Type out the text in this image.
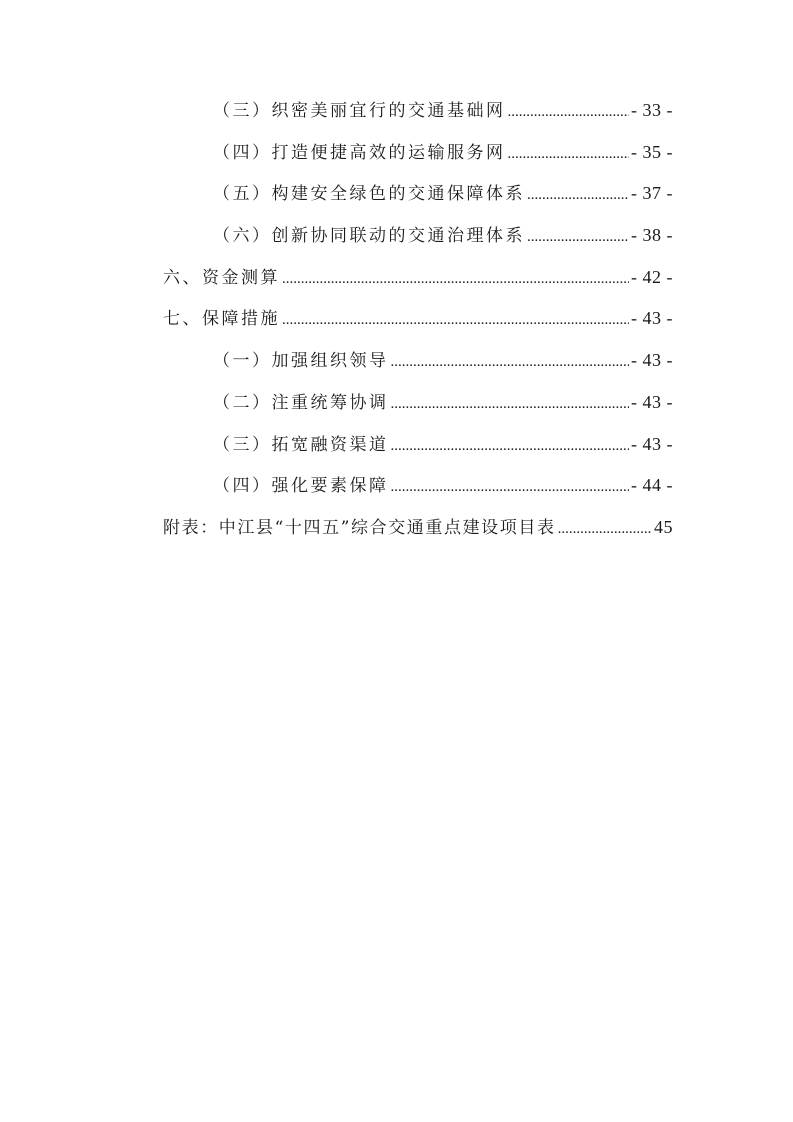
（三）织密美丽宜行的交通基础网 .....	- 33 -
（四）打造便捷高效的运输服务网 .....	- 35 -
（五）构建安全绿色的交通保障体系 .....	- 37 -
（六）创新协同联动的交通治理体系 .....	- 38 -
六、资金测算 .....	- 42 -
七、保障措施 .....	- 43 -
（一）加强组织领导 .....	- 43 -
（二）注重统筹协调 .....	- 43 -
（三）拓宽融资渠道 .....	- 43 -
（四）强化要素保障 .....	- 44 -
附表：中江县“十四五”综合交通重点建设项目表 .....	45
